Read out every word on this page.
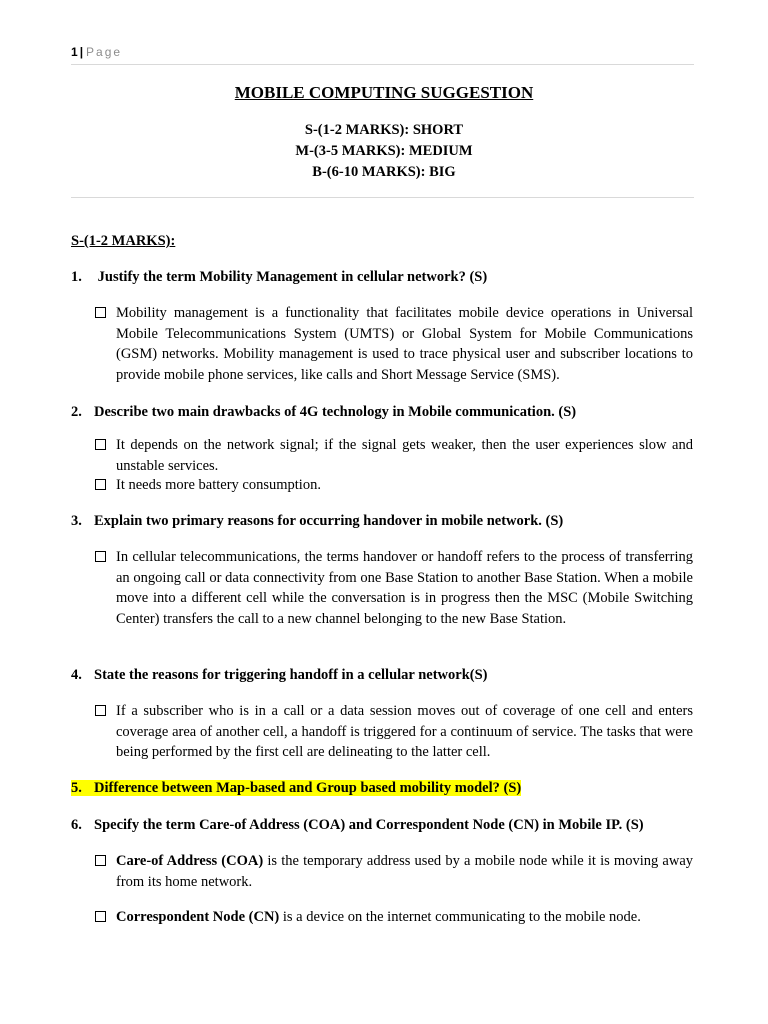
1 | Page
MOBILE COMPUTING SUGGESTION
S-(1-2 MARKS): SHORT
M-(3-5 MARKS): MEDIUM
B-(6-10 MARKS): BIG
S-(1-2 MARKS):
1. Justify the term Mobility Management in cellular network? (S)
Mobility management is a functionality that facilitates mobile device operations in Universal Mobile Telecommunications System (UMTS) or Global System for Mobile Communications (GSM) networks. Mobility management is used to trace physical user and subscriber locations to provide mobile phone services, like calls and Short Message Service (SMS).
2. Describe two main drawbacks of 4G technology in Mobile communication. (S)
It depends on the network signal; if the signal gets weaker, then the user experiences slow and unstable services.
It needs more battery consumption.
3. Explain two primary reasons for occurring handover in mobile network. (S)
In cellular telecommunications, the terms handover or handoff refers to the process of transferring an ongoing call or data connectivity from one Base Station to another Base Station. When a mobile move into a different cell while the conversation is in progress then the MSC (Mobile Switching Center) transfers the call to a new channel belonging to the new Base Station.
4. State the reasons for triggering handoff in a cellular network(S)
If a subscriber who is in a call or a data session moves out of coverage of one cell and enters coverage area of another cell, a handoff is triggered for a continuum of service. The tasks that were being performed by the first cell are delineating to the latter cell.
5. Difference between Map-based and Group based mobility model? (S)
6. Specify the term Care-of Address (COA) and Correspondent Node (CN) in Mobile IP. (S)
Care-of Address (COA) is the temporary address used by a mobile node while it is moving away from its home network.
Correspondent Node (CN) is a device on the internet communicating to the mobile node.
